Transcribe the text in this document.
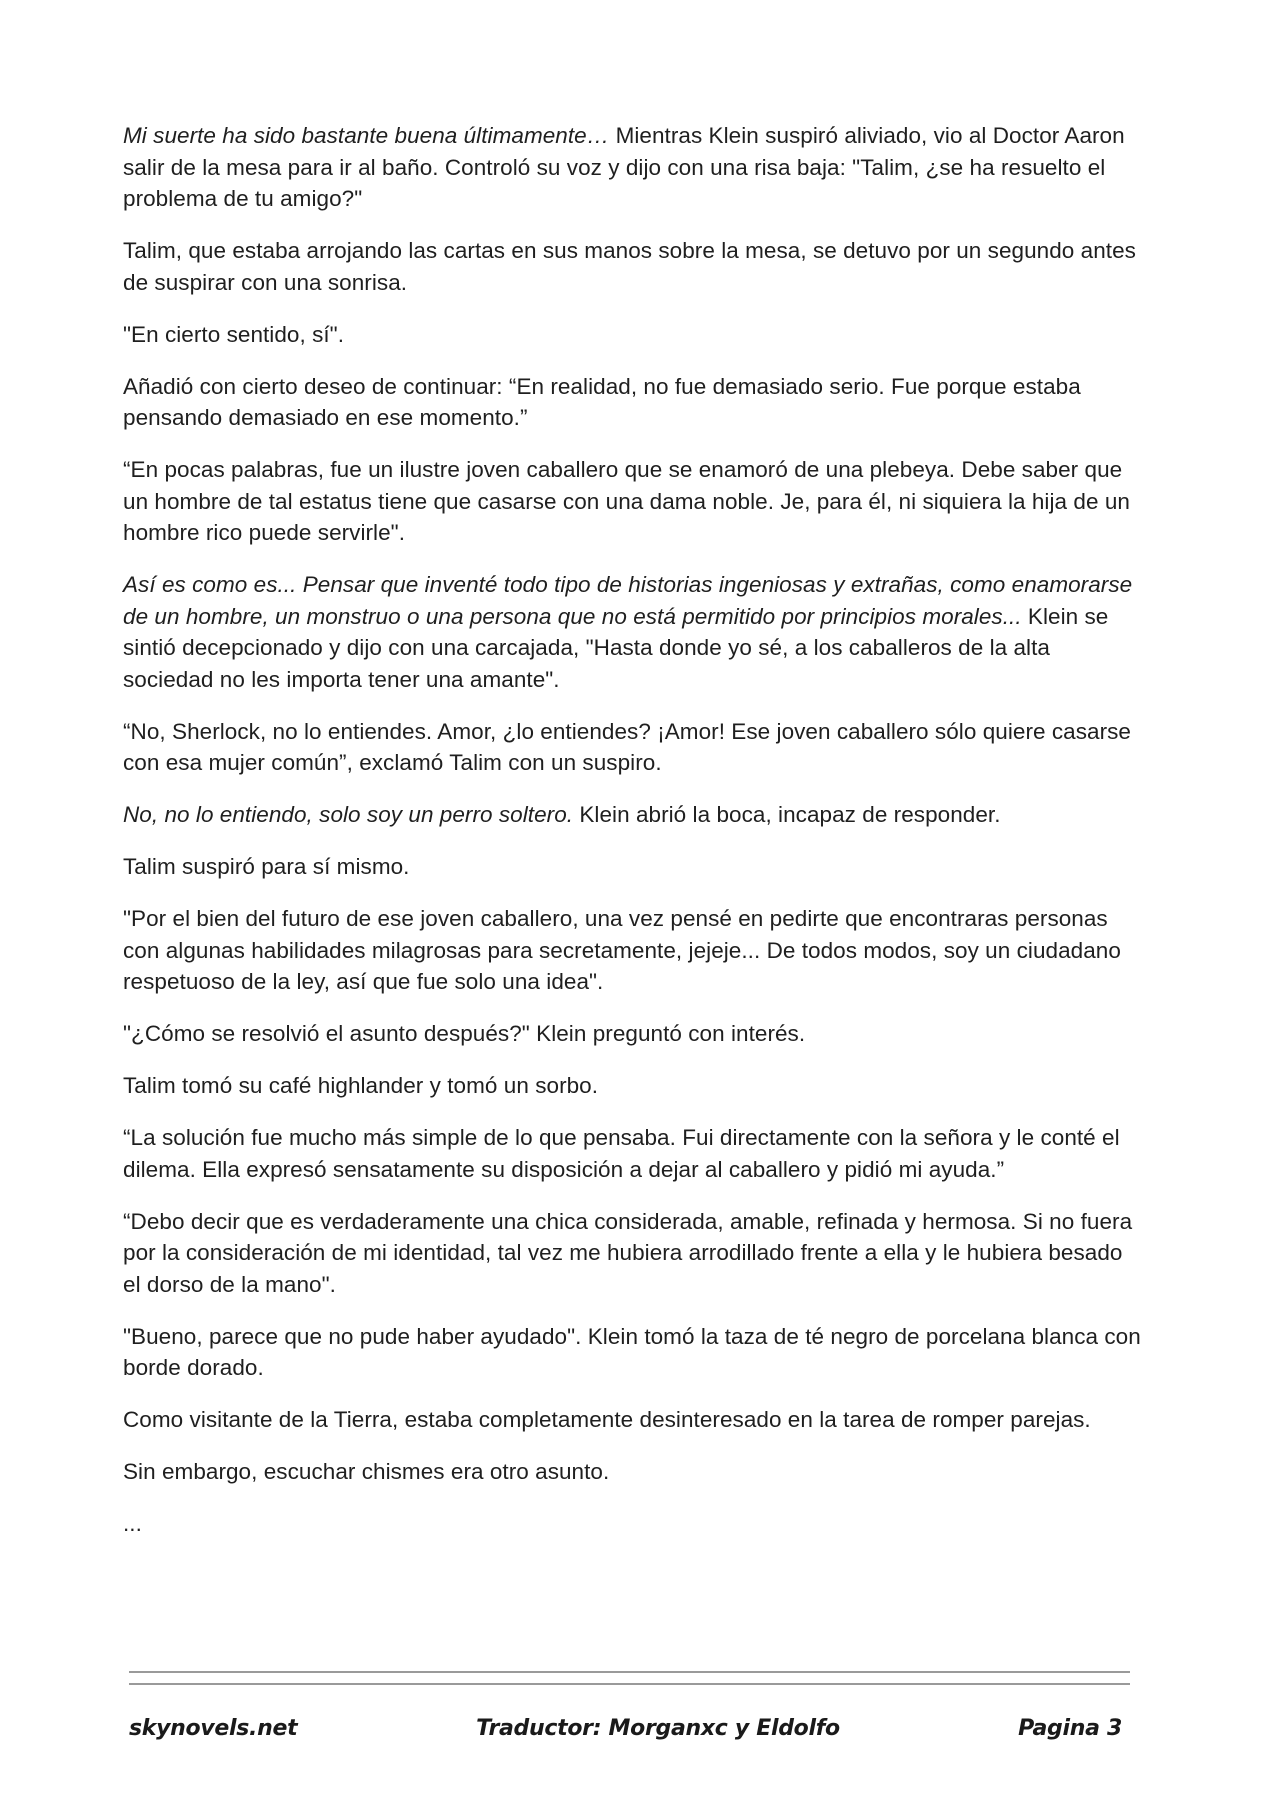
Mi suerte ha sido bastante buena últimamente… Mientras Klein suspiró aliviado, vio al Doctor Aaron salir de la mesa para ir al baño. Controló su voz y dijo con una risa baja: "Talim, ¿se ha resuelto el problema de tu amigo?"

Talim, que estaba arrojando las cartas en sus manos sobre la mesa, se detuvo por un segundo antes de suspirar con una sonrisa.

"En cierto sentido, sí".

Añadió con cierto deseo de continuar: “En realidad, no fue demasiado serio. Fue porque estaba pensando demasiado en ese momento.”

“En pocas palabras, fue un ilustre joven caballero que se enamoró de una plebeya. Debe saber que un hombre de tal estatus tiene que casarse con una dama noble. Je, para él, ni siquiera la hija de un hombre rico puede servirle".

Así es como es... Pensar que inventé todo tipo de historias ingeniosas y extrañas, como enamorarse de un hombre, un monstruo o una persona que no está permitido por principios morales... Klein se sintió decepcionado y dijo con una carcajada, "Hasta donde yo sé, a los caballeros de la alta sociedad no les importa tener una amante".

“No, Sherlock, no lo entiendes. Amor, ¿lo entiendes? ¡Amor! Ese joven caballero sólo quiere casarse con esa mujer común”, exclamó Talim con un suspiro.

No, no lo entiendo, solo soy un perro soltero. Klein abrió la boca, incapaz de responder.

Talim suspiró para sí mismo.

"Por el bien del futuro de ese joven caballero, una vez pensé en pedirte que encontraras personas con algunas habilidades milagrosas para secretamente, jejeje... De todos modos, soy un ciudadano respetuoso de la ley, así que fue solo una idea".

"¿Cómo se resolvió el asunto después?" Klein preguntó con interés.

Talim tomó su café highlander y tomó un sorbo.

“La solución fue mucho más simple de lo que pensaba. Fui directamente con la señora y le conté el dilema. Ella expresó sensatamente su disposición a dejar al caballero y pidió mi ayuda.”

“Debo decir que es verdaderamente una chica considerada, amable, refinada y hermosa. Si no fuera por la consideración de mi identidad, tal vez me hubiera arrodillado frente a ella y le hubiera besado el dorso de la mano".

"Bueno, parece que no pude haber ayudado". Klein tomó la taza de té negro de porcelana blanca con borde dorado.

Como visitante de la Tierra, estaba completamente desinteresado en la tarea de romper parejas.

Sin embargo, escuchar chismes era otro asunto.

...

skynovels.net	Traductor: Morganxc y Eldolfo	Pagina 3
